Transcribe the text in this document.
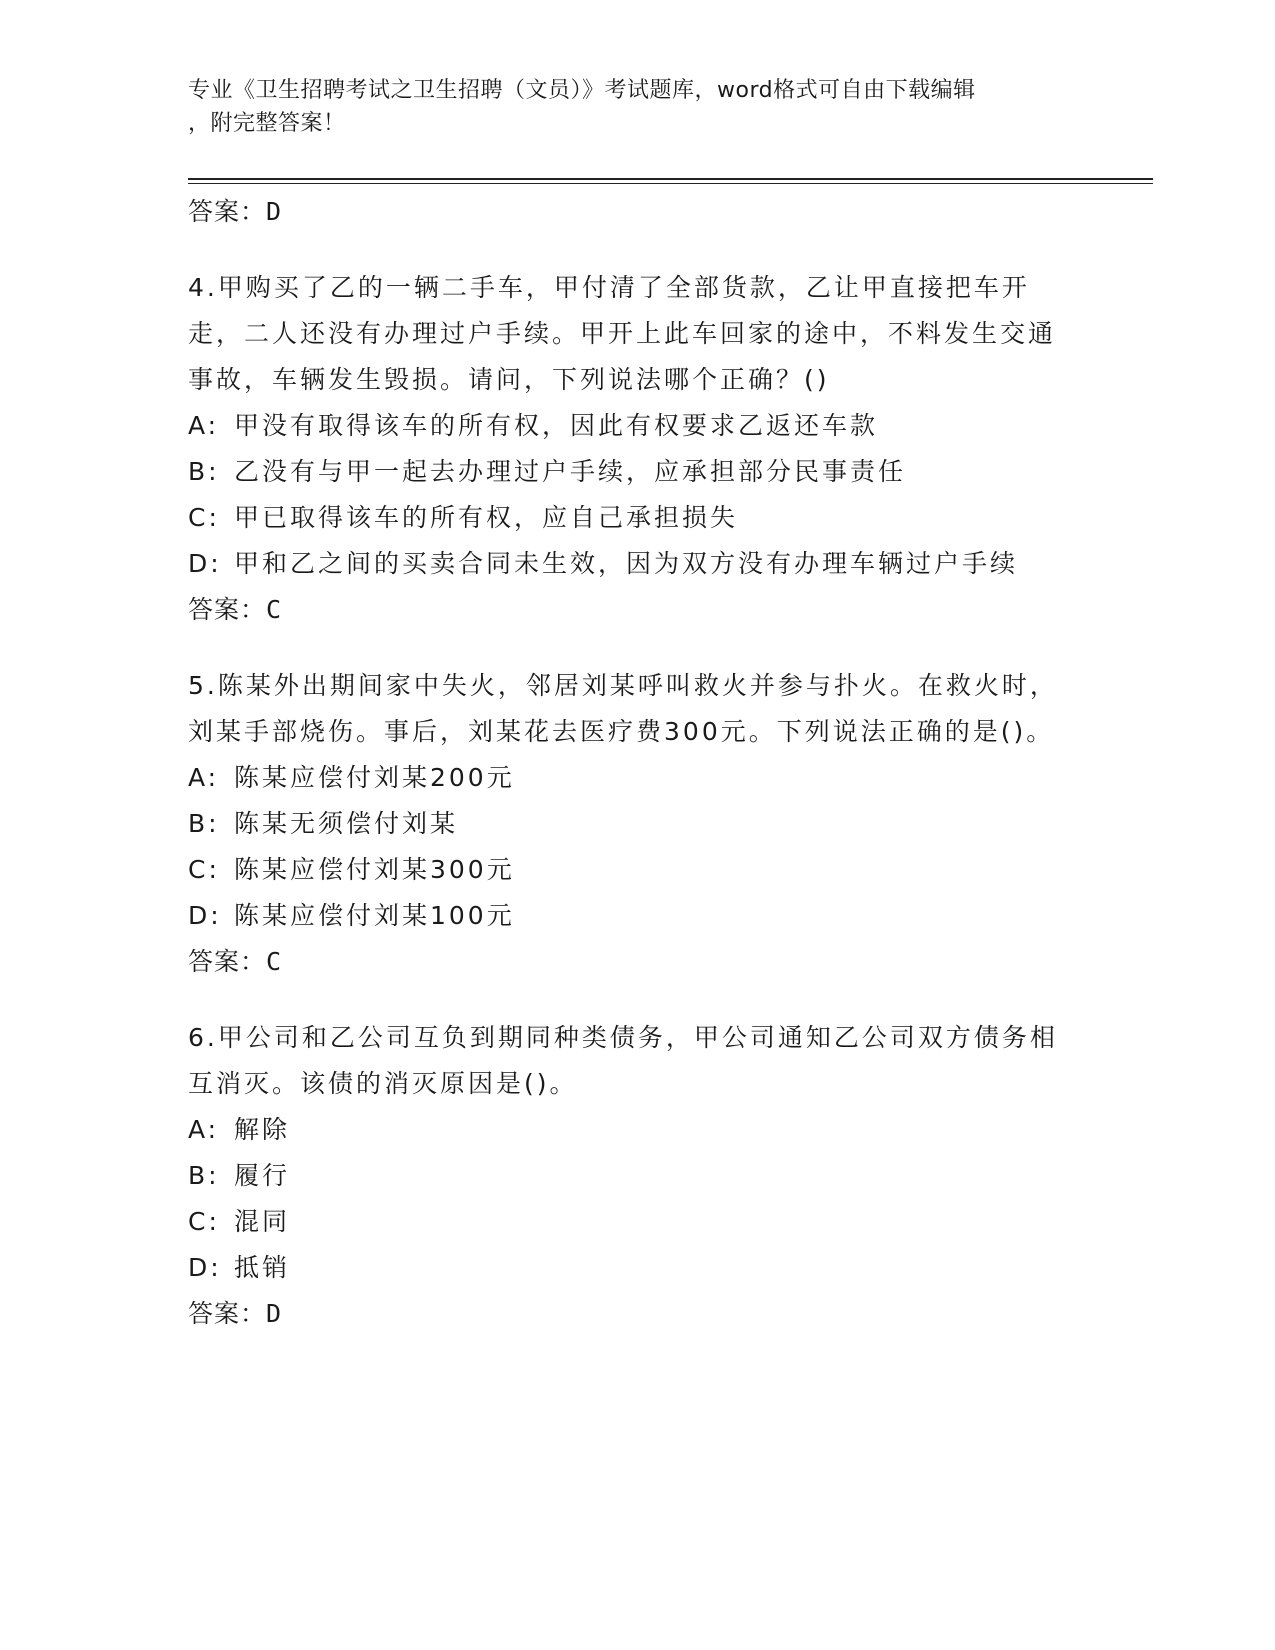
专业《卫生招聘考试之卫生招聘（文员）》考试题库，word格式可自由下载编辑
，附完整答案！
答案：D

4.甲购买了乙的一辆二手车，甲付清了全部货款，乙让甲直接把车开走，二人还没有办理过户手续。甲开上此车回家的途中，不料发生交通事故，车辆发生毁损。请问，下列说法哪个正确？()

A: 甲没有取得该车的所有权，因此有权要求乙返还车款
B: 乙没有与甲一起去办理过户手续，应承担部分民事责任
C: 甲已取得该车的所有权，应自己承担损失
D: 甲和乙之间的买卖合同未生效，因为双方没有办理车辆过户手续
答案：C

5.陈某外出期间家中失火，邻居刘某呼叫救火并参与扑火。在救火时，刘某手部烧伤。事后，刘某花去医疗费300元。下列说法正确的是()。

A: 陈某应偿付刘某200元
B: 陈某无须偿付刘某
C: 陈某应偿付刘某300元
D: 陈某应偿付刘某100元
答案：C

6.甲公司和乙公司互负到期同种类债务，甲公司通知乙公司双方债务相互消灭。该债的消灭原因是()。

A: 解除
B: 履行
C: 混同
D: 抵销
答案：D
